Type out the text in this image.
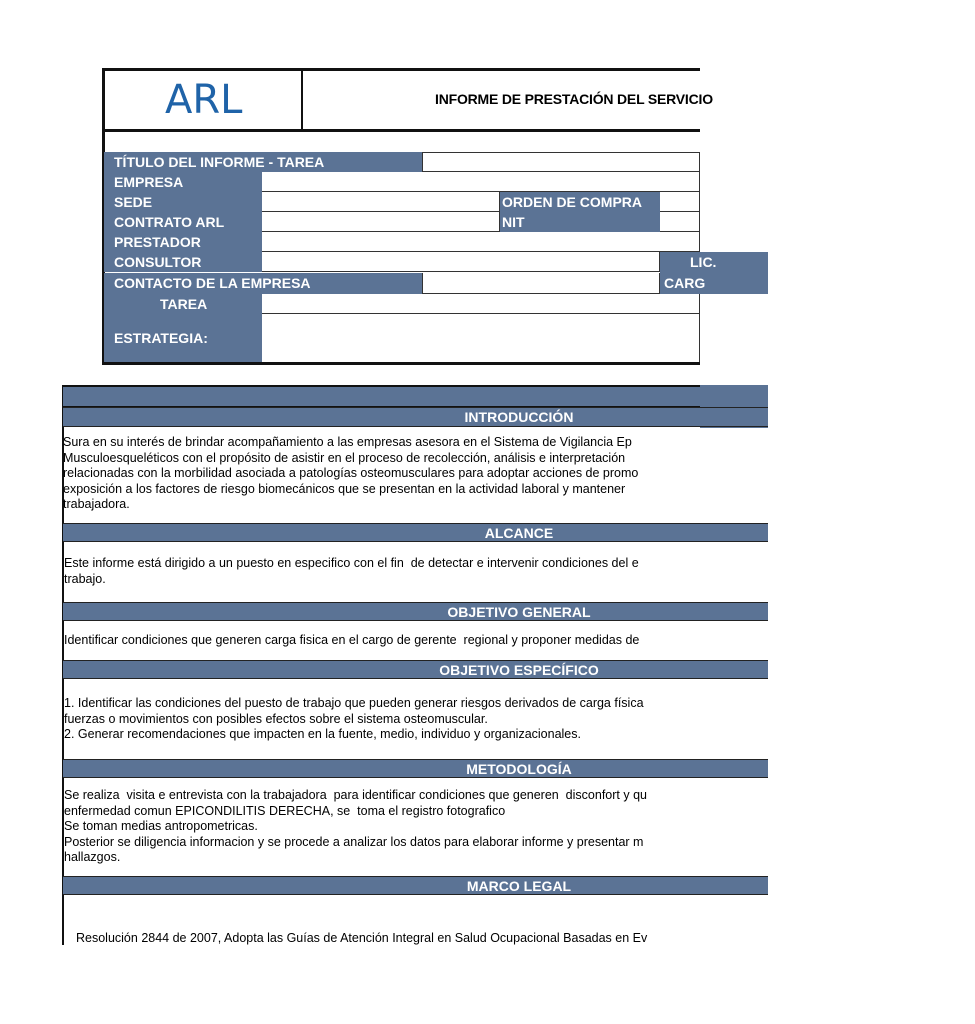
ARL	INFORME DE PRESTACIÓN DEL SERVICIO
TÍTULO DEL INFORME - TAREA
EMPRESA
SEDE	ORDEN DE COMPRA
CONTRATO ARL	NIT
PRESTADOR
CONSULTOR	LIC.
CONTACTO DE LA EMPRESA	CARG
TAREA
ESTRATEGIA:
INTRODUCCIÓN
Sura en su interés de brindar acompañamiento a las empresas asesora en el Sistema de Vigilancia Ep
Musculoesqueléticos con el propósito de asistir en el proceso de recolección, análisis e interpretación
relacionadas con la morbilidad asociada a patologías osteomusculares para adoptar acciones de promo
exposición a los factores de riesgo biomecánicos que se presentan en la actividad laboral y mantener
trabajadora.
ALCANCE
Este informe está dirigido a un puesto en especifico con el fin  de detectar e intervenir condiciones del e
trabajo.
OBJETIVO GENERAL
Identificar condiciones que generen carga fisica en el cargo de gerente  regional y proponer medidas de
OBJETIVO ESPECÍFICO
1. Identificar las condiciones del puesto de trabajo que pueden generar riesgos derivados de carga física
fuerzas o movimientos con posibles efectos sobre el sistema osteomuscular.
2. Generar recomendaciones que impacten en la fuente, medio, individuo y organizacionales.
METODOLOGÍA
Se realiza  visita e entrevista con la trabajadora  para identificar condiciones que generen  disconfort y qu
enfermedad comun EPICONDILITIS DERECHA, se  toma el registro fotografico
Se toman medias antropometricas.
Posterior se diligencia informacion y se procede a analizar los datos para elaborar informe y presentar m
hallazgos.
MARCO LEGAL
Resolución 2844 de 2007, Adopta las Guías de Atención Integral en Salud Ocupacional Basadas en Ev
